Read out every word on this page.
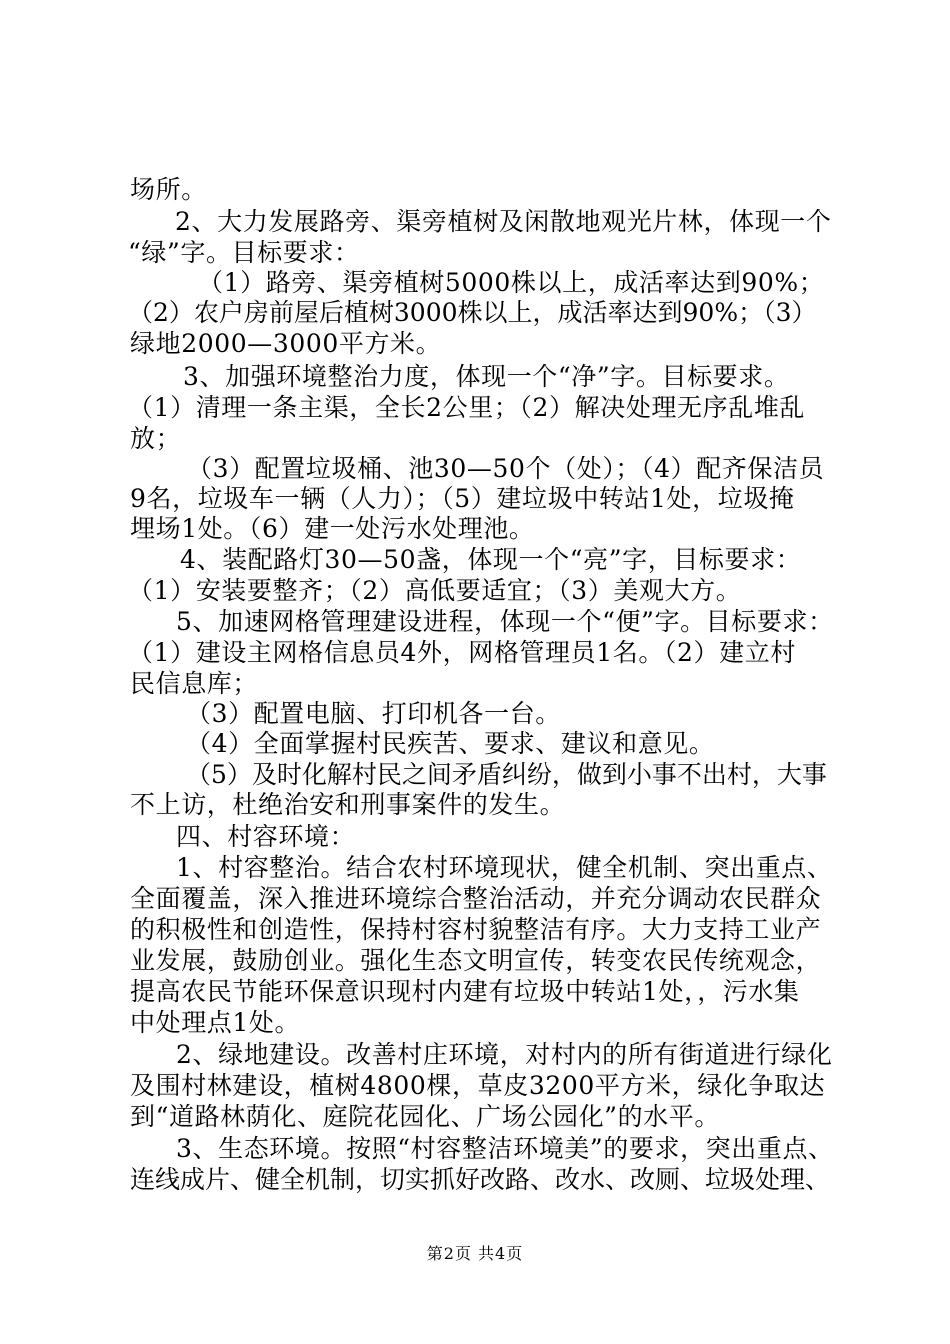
场所。
2、大力发展路旁、渠旁植树及闲散地观光片林，体现一个
“绿”字。目标要求：
（1）路旁、渠旁植树5000株以上，成活率达到90%；
（2）农户房前屋后植树3000株以上，成活率达到90%；（3）
绿地2000—3000平方米。
3、加强环境整治力度，体现一个“净”字。目标要求。
（1）清理一条主渠，全长2公里；（2）解决处理无序乱堆乱
放；
（3）配置垃圾桶、池30—50个（处）；（4）配齐保洁员
9名，垃圾车一辆（人力）；（5）建垃圾中转站1处，垃圾掩
埋场1处。（6）建一处污水处理池。
4、装配路灯30—50盏，体现一个“亮”字，目标要求：
（1）安装要整齐；（2）高低要适宜；（3）美观大方。
5、加速网格管理建设进程，体现一个“便”字。目标要求：
（1）建设主网格信息员4外，网格管理员1名。（2）建立村
民信息库；
（3）配置电脑、打印机各一台。
（4）全面掌握村民疾苦、要求、建议和意见。
（5）及时化解村民之间矛盾纠纷，做到小事不出村，大事
不上访，杜绝治安和刑事案件的发生。
四、村容环境：
1、村容整治。结合农村环境现状，健全机制、突出重点、
全面覆盖，深入推进环境综合整治活动，并充分调动农民群众
的积极性和创造性，保持村容村貌整洁有序。大力支持工业产
业发展，鼓励创业。强化生态文明宣传，转变农民传统观念，
提高农民节能环保意识现村内建有垃圾中转站1处，，污水集
中处理点1处。
2、绿地建设。改善村庄环境，对村内的所有街道进行绿化
及围村林建设，植树4800棵，草皮3200平方米，绿化争取达
到“道路林荫化、庭院花园化、广场公园化”的水平。
3、生态环境。按照“村容整洁环境美”的要求，突出重点、
连线成片、健全机制，切实抓好改路、改水、改厕、垃圾处理、
第2页 共4页
